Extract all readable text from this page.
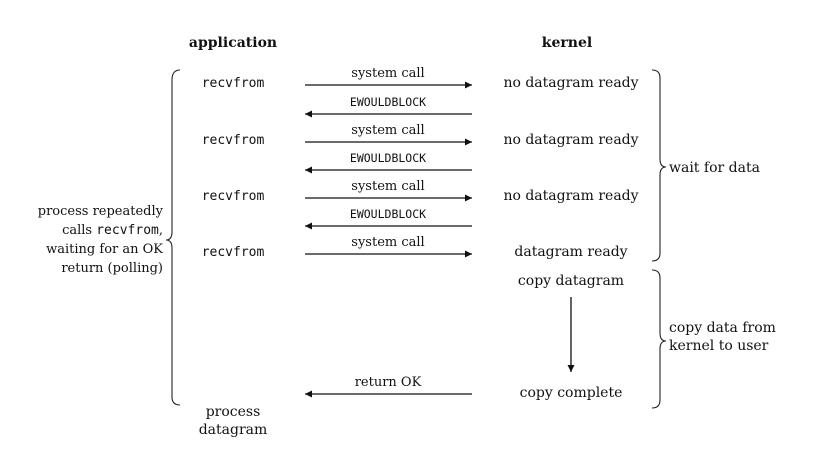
application	kernel
recvfrom
system call
EWOULDBLOCK
no datagram ready
recvfrom
system call
EWOULDBLOCK
no datagram ready
recvfrom
system call
EWOULDBLOCK
no datagram ready
recvfrom
system call
datagram ready
copy datagram
copy complete
return OK
process
datagram
process repeatedly
calls recvfrom,
waiting for an OK
return (polling)
wait for data
copy data from
kernel to user
